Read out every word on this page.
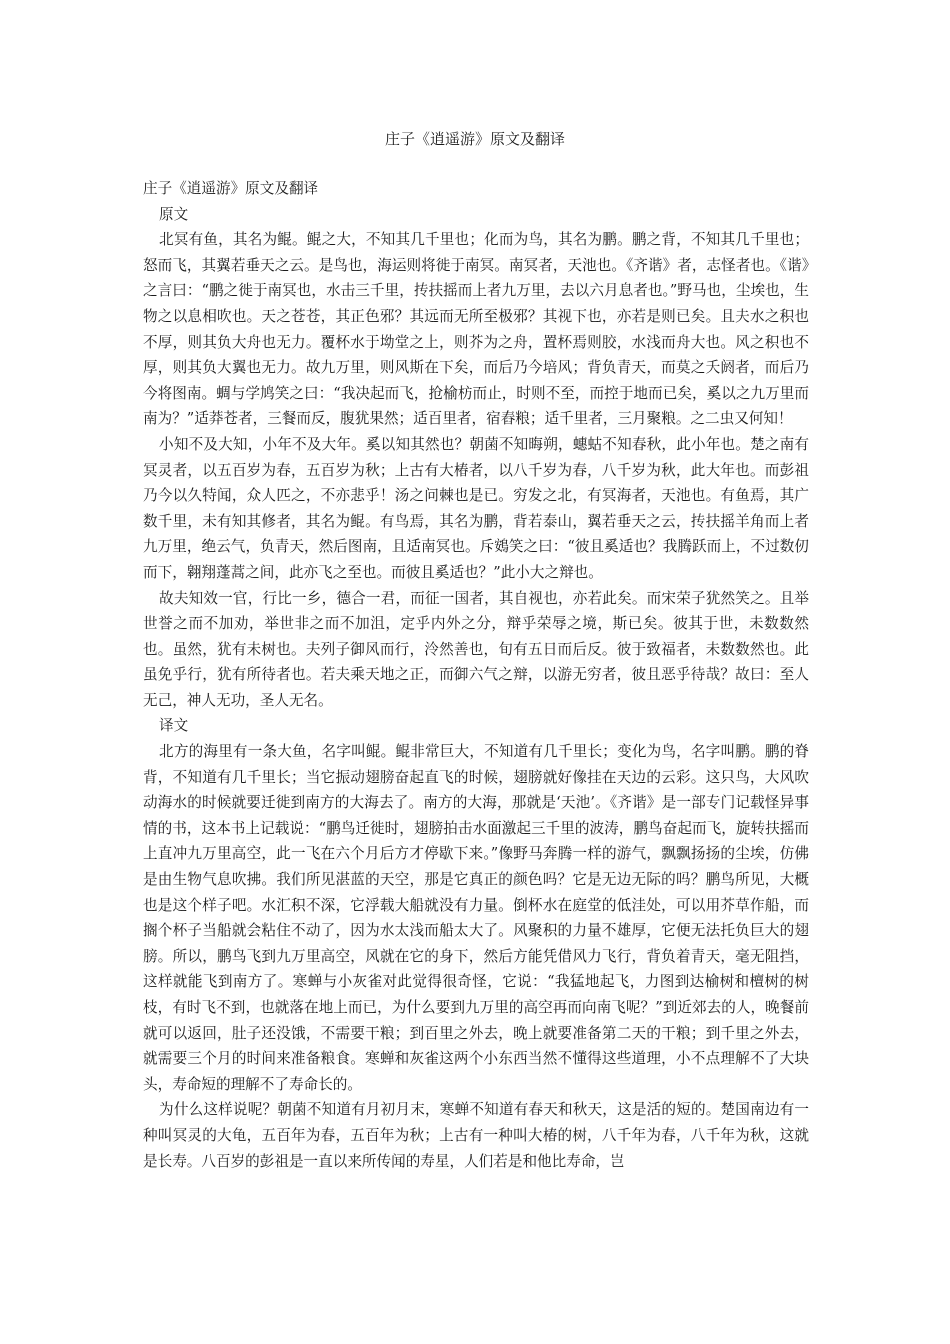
庄子《逍遥游》原文及翻译

庄子《逍遥游》原文及翻译

原文

北冥有鱼，其名为鲲。鲲之大，不知其几千里也；化而为鸟，其名为鹏。鹏之背，不知其几千里也；怒而飞，其翼若垂天之云。是鸟也，海运则将徙于南冥。南冥者，天池也。《齐谐》者，志怪者也。《谐》之言曰：“鹏之徙于南冥也，水击三千里，抟扶摇而上者九万里，去以六月息者也。”野马也，尘埃也，生物之以息相吹也。天之苍苍，其正色邪？其远而无所至极邪？其视下也，亦若是则已矣。且夫水之积也不厚，则其负大舟也无力。覆杯水于坳堂之上，则芥为之舟，置杯焉则胶，水浅而舟大也。风之积也不厚，则其负大翼也无力。故九万里，则风斯在下矣，而后乃今培风；背负青天，而莫之夭阏者，而后乃今将图南。蜩与学鸠笑之曰：“我决起而飞，抢榆枋而止，时则不至，而控于地而已矣，奚以之九万里而南为？”适莽苍者，三餐而反，腹犹果然；适百里者，宿舂粮；适千里者，三月聚粮。之二虫又何知！

小知不及大知，小年不及大年。奚以知其然也？朝菌不知晦朔，蟪蛄不知春秋，此小年也。楚之南有冥灵者，以五百岁为春，五百岁为秋；上古有大椿者，以八千岁为春，八千岁为秋，此大年也。而彭祖乃今以久特闻，众人匹之，不亦悲乎！汤之问棘也是已。穷发之北，有冥海者，天池也。有鱼焉，其广数千里，未有知其修者，其名为鲲。有鸟焉，其名为鹏，背若泰山，翼若垂天之云，抟扶摇羊角而上者九万里，绝云气，负青天，然后图南，且适南冥也。斥鴳笑之曰：“彼且奚适也？我腾跃而上，不过数仞而下，翱翔蓬蒿之间，此亦飞之至也。而彼且奚适也？”此小大之辩也。

故夫知效一官，行比一乡，德合一君，而征一国者，其自视也，亦若此矣。而宋荣子犹然笑之。且举世誉之而不加劝，举世非之而不加沮，定乎内外之分，辩乎荣辱之境，斯已矣。彼其于世，未数数然也。虽然，犹有未树也。夫列子御风而行，泠然善也，旬有五日而后反。彼于致福者，未数数然也。此虽免乎行，犹有所待者也。若夫乘天地之正，而御六气之辩，以游无穷者，彼且恶乎待哉？故曰：至人无己，神人无功，圣人无名。

译文

北方的海里有一条大鱼，名字叫鲲。鲲非常巨大，不知道有几千里长；变化为鸟，名字叫鹏。鹏的脊背，不知道有几千里长；当它振动翅膀奋起直飞的时候，翅膀就好像挂在天边的云彩。这只鸟，大风吹动海水的时候就要迁徙到南方的大海去了。南方的大海，那就是‘天池’。《齐谐》是一部专门记载怪异事情的书，这本书上记载说：“鹏鸟迁徙时，翅膀拍击水面激起三千里的波涛，鹏鸟奋起而飞，旋转扶摇而上直冲九万里高空，此一飞在六个月后方才停歇下来。”像野马奔腾一样的游气，飘飘扬扬的尘埃，仿佛是由生物气息吹拂。我们所见湛蓝的天空，那是它真正的颜色吗？它是无边无际的吗？鹏鸟所见，大概也是这个样子吧。水汇积不深，它浮载大船就没有力量。倒杯水在庭堂的低洼处，可以用芥草作船，而搁个杯子当船就会粘住不动了，因为水太浅而船太大了。风聚积的力量不雄厚，它便无法托负巨大的翅膀。所以，鹏鸟飞到九万里高空，风就在它的身下，然后方能凭借风力飞行，背负着青天，毫无阻挡，这样就能飞到南方了。寒蝉与小灰雀对此觉得很奇怪，它说：“我猛地起飞，力图到达榆树和檀树的树枝，有时飞不到，也就落在地上而已，为什么要到九万里的高空再而向南飞呢？”到近郊去的人，晚餐前就可以返回，肚子还没饿，不需要干粮；到百里之外去，晚上就要准备第二天的干粮；到千里之外去，就需要三个月的时间来准备粮食。寒蝉和灰雀这两个小东西当然不懂得这些道理，小不点理解不了大块头，寿命短的理解不了寿命长的。

为什么这样说呢？朝菌不知道有月初月末，寒蝉不知道有春天和秋天，这是活的短的。楚国南边有一种叫冥灵的大龟，五百年为春，五百年为秋；上古有一种叫大椿的树，八千年为春，八千年为秋，这就是长寿。八百岁的彭祖是一直以来所传闻的寿星，人们若是和他比寿命，岂
